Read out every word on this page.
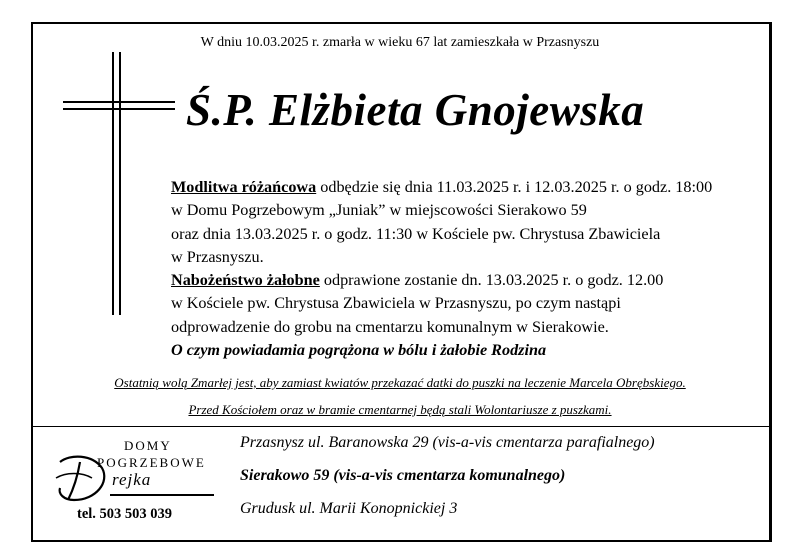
W dniu 10.03.2025 r. zmarła w wieku 67 lat zamieszkała w Przasnyszu
Ś.P. Elżbieta Gnojewska
Modlitwa różańcowa odbędzie się dnia 11.03.2025 r. i 12.03.2025 r. o godz. 18:00
w Domu Pogrzebowym „Juniak” w miejscowości Sierakowo 59
oraz dnia 13.03.2025 r. o godz. 11:30 w Kościele pw. Chrystusa Zbawiciela
w Przasnyszu.
Nabożeństwo żałobne odprawione zostanie dn. 13.03.2025 r. o godz. 12.00
w Kościele pw. Chrystusa Zbawiciela w Przasnyszu, po czym nastąpi
odprowadzenie do grobu na cmentarzu komunalnym w Sierakowie.
O czym powiadamia pogrążona w bólu i żałobie Rodzina
Ostatnią wolą Zmarłej jest, aby zamiast kwiatów przekazać datki do puszki na leczenie Marcela Obrębskiego.
Przed Kościołem oraz w bramie cmentarnej będą stali Wolontariusze z puszkami.
DOMY
POGRZEBOWE
rejka
tel. 503 503 039
Przasnysz ul. Baranowska 29 (vis-a-vis cmentarza parafialnego)
Sierakowo 59 (vis-a-vis cmentarza komunalnego)
Grudusk ul. Marii Konopnickiej 3
